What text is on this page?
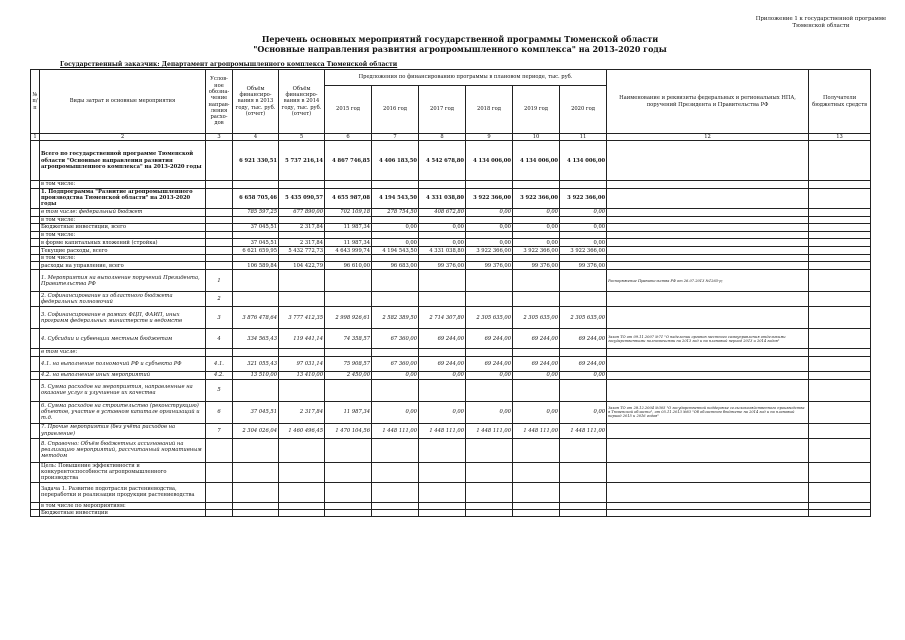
Приложение 1 к государственной программе
Тюменской области
Перечень основных мероприятий государственной программы Тюменской области
"Основные направления развития агропромышленного комплекса" на 2013-2020 годы
Государственный заказчик: Департамент агропромышленного комплекса Тюменской области
№ п/п	Виды затрат и основные мероприятия	Услов-ное обозна-чение направ-ления расхо-дов	Объём финансиро-вания в 2013 году, тыс. руб. (отчет)	Объём финансиро-вания в 2014 году, тыс. руб. (отчет)	Предложения по финансированию программы в плановом периоде, тыс. руб.						Наименование и реквизиты федеральных и региональных НПА, поручений Президента и Правительства РФ	Получатели бюджетных средств
					2015 год	2016 год	2017 год	2018 год	2019 год	2020 год		
1	2	3	4	5	6	7	8	9	10	11	12	13
	Всего по государственной программе Тюменской области "Основные направления развития агропромышленного комплекса" на 2013-2020 годы		6 921 330,51	5 737 216,14	4 867 746,85	4 406 183,50	4 542 678,80	4 134 006,00	4 134 006,00	4 134 006,00		
	в том числе:											
	1. Подпрограмма "Развитие агропромышленного производства Тюменской области" на 2013-2020 годы		6 658 705,46	5 435 090,57	4 655 987,08	4 194 543,50	4 331 038,80	3 922 366,00	3 922 366,00	3 922 366,00		
	в том числе: федеральный бюджет		785 597,25	677 890,00	702 109,18	278 754,50	408 672,80	0,00	0,00	0,00		
	в том числе:											
	Бюджетные инвестиции, всего		37 045,51	2 317,84	11 987,34	0,00	0,00	0,00	0,00	0,00		
	в том числе:											
	в форме капитальных вложений (стройка)		37 045,51	2 317,84	11 987,34	0,00	0,00	0,00	0,00	0,00		
	Текущие расходы, всего		6 621 659,95	5 432 772,73	4 643 999,74	4 194 543,50	4 331 038,80	3 922 366,00	3 922 366,00	3 922 366,00		
	в том числе:											
	расходы на управление, всего		106 589,84	104 422,79	96 610,00	96 683,00	99 376,00	99 376,00	99 376,00	99 376,00		
	1. Мероприятия на выполнение поручений Президента, Правительства РФ	1									Распоряжение Правительства РФ от 26.07.2013 №1265-р;	
	2. Софинансирование из областного бюджета федеральных полномочий	2										
	3. Софинансирование в рамках ФЦП, ФАИП, иных программ федеральных министерств и ведомств	3	3 876 478,64	3 777 412,35	2 998 926,61	2 582 389,50	2 714 307,80	2 305 635,00	2 305 635,00	2 305 635,00		
	4. Субсидии и субвенции местным бюджетам	4	334 565,43	119 441,14	74 358,57	67 360,00	69 244,00	69 244,00	69 244,00	69 244,00	Закон ТО от 09.11.2007 №71 "О наделении органов местного самоуправления отдельными государственными полномочиями на 2013 год и на плановый период 2013 и 2014 годов"	
	в том числе:											
	4.1. на выполнение полномочий РФ и субъекта РФ	4.1.	321 055,43	97 031,14	75 908,57	67 360,00	69 244,00	69 244,00	69 244,00	69 244,00		
	4.2. на выполнение иных мероприятий	4.2.	13 510,00	13 410,00	2 450,00	0,00	0,00	0,00	0,00	0,00		
	5. Сумма расходов на мероприятия, направленные на оказание услуг и улучшение их качества	5										
	6. Сумма расходов на строительство (реконструкцию) объектов, участие в уставном капитале организаций и т.д.	6	37 045,51	2 317,84	11 987,34	0,00	0,00	0,00	0,00	0,00	Закон ТО от 28.12.2004 №305 "О государственной поддержке сельскохозяйственного производства в Тюменской области", от 05.11.2013 №83 "Об областном бюджете на 2014 год и на плановый период 2015 и 2016 годов"	
	7. Прочие мероприятия (без учёта расходов на управление)	7	2 304 026,04	1 460 496,45	1 470 104,56	1 448 111,00	1 448 111,00	1 448 111,00	1 448 111,00	1 448 111,00		
	8. Справочно: Объём бюджетных ассигнований на реализацию мероприятий, рассчитанный нормативным методом											
	Цель: Повышение эффективности и конкурентоспособности агропромышленного производства											
	Задача 1. Развитие подотрасли растениеводства, переработки и реализации продукции растениеводства											
	в том числе по мероприятиям:											
	Бюджетные инвестиции											
